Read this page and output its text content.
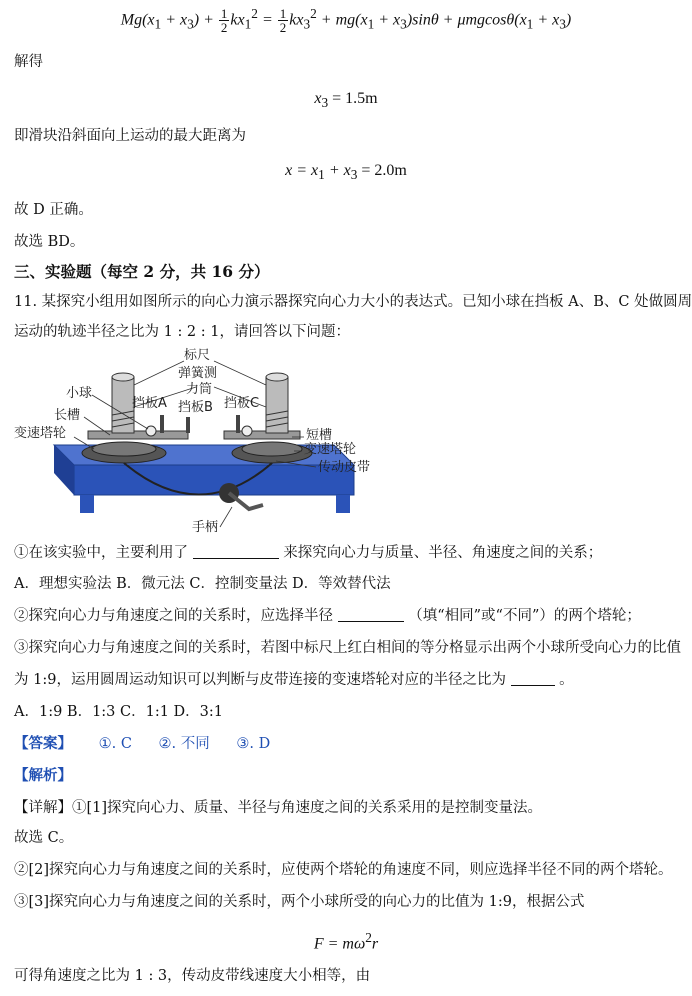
$Mg(x_1 + x_3) + \frac{1}{2} kx_1^2 = \frac{1}{2} kx_3^2 + mg(x_1 + x_3)\sin\theta + \mu mgcos\theta(x_1 + x_3)$
解得
$x_3 = 1.5m$
即滑块沿斜面向上运动的最大距离为
$x = x_1 + x_3 = 2.0m$
故 D 正确。
故选 BD。
三、实验题（每空 2 分，共 16 分）
11. 某探究小组用如图所示的向心力演示器探究向心力大小的表达式。已知小球在挡板 A、B、C 处做圆周
运动的轨迹半径之比为 1 : 2 : 1，请回答以下问题：
标尺
弹簧测
力筒
小球
挡板A 挡板B 挡板C
长槽
变速塔轮	短槽
变速塔轮
传动皮带
手柄
①在该实验中，主要利用了	来探究向心力与质量、半径、角速度之间的关系；
A．理想实验法 B．微元法 C．控制变量法 D．等效替代法
②探究向心力与角速度之间的关系时，应选择半径	（填“相同”或“不同”）的两个塔轮；
③探究向心力与角速度之间的关系时，若图中标尺上红白相间的等分格显示出两个小球所受向心力的比值
为 1:9，运用圆周运动知识可以判断与皮带连接的变速塔轮对应的半径之比为	。
A．1:9 B．1:3 C．1:1 D．3:1
【答案】 ①. C ②. 不同 ③. D
【解析】
【详解】①[1]探究向心力、质量、半径与角速度之间的关系采用的是控制变量法。
故选 C。
②[2]探究向心力与角速度之间的关系时，应使两个塔轮的角速度不同，则应选择半径不同的两个塔轮。
③[3]探究向心力与角速度之间的关系时，两个小球所受的向心力的比值为 1:9，根据公式
$F = m\omega^2r$
可得角速度之比为 1 : 3，传动皮带线速度大小相等，由
